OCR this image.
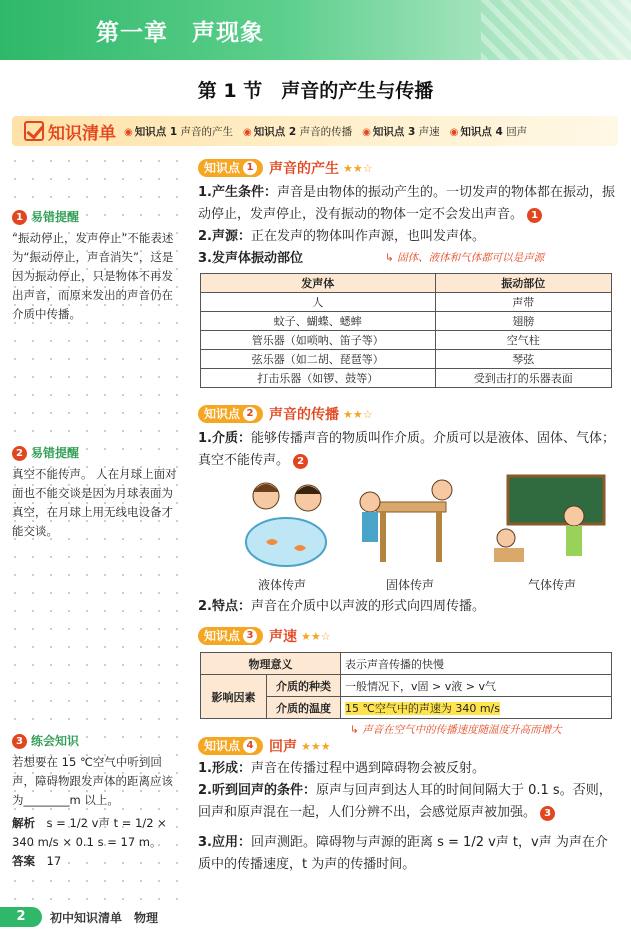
第一章　声现象
第 1 节　声音的产生与传播
知识清单 ◉ 知识点 1 声音的产生 ◉ 知识点 2 声音的传播 ◉ 知识点 3 声速 ◉ 知识点 4 回声
1 易错提醒
“振动停止，发声停止”不能表述为“振动停止，声音消失”，这是因为振动停止，只是物体不再发出声音，而原来发出的声音仍在介质中传播。
2 易错提醒
真空不能传声。 人在月球上面对面也不能交谈是因为月球表面为真空，在月球上用无线电设备才能交谈。
3 练会知识
若想要在 15 ℃空气中听到回声，障碍物跟发声体的距离应该为________m 以上。
解析　 s = 1/2 v声 t = 1/2 × 340 m/s × 0.1 s = 17 m。
答案　 17
知识点 1 声音的产生 ★★☆
1.产生条件：声音是由物体的振动产生的。一切发声的物体都在振动，振动停止，发声停止，没有振动的物体一定不会发出声音。 1
2.声源：正在发声的物体叫作声源，也叫发声体。
↳ 固体、液体和气体都可以是声源
3.发声体振动部位
发声体	振动部位
人	声带
蚊子、蝴蝶、蟋蟀	翅膀
管乐器（如唢呐、笛子等）	空气柱
弦乐器（如二胡、琵琶等）	琴弦
打击乐器（如锣、鼓等）	受到击打的乐器表面
知识点 2 声音的传播 ★★☆
1.介质：能够传播声音的物质叫作介质。介质可以是液体、固体、气体；真空不能传声。 2
液体传声	固体传声	气体传声
2.特点：声音在介质中以声波的形式向四周传播。
知识点 3 声速 ★★☆
物理意义		表示声音传播的快慢
影响因素	介质的种类	一般情况下，v固 > v液 > v气
	介质的温度	15 ℃空气中的声速为 340 m/s
↳ 声音在空气中的传播速度随温度升高而增大
知识点 4 回声 ★★★
1.形成：声音在传播过程中遇到障碍物会被反射。
2.听到回声的条件：原声与回声到达人耳的时间间隔大于 0.1 s。否则，回声和原声混在一起，人们分辨不出，会感觉原声被加强。 3
3.应用：回声测距。障碍物与声源的距离 s = 1/2 v声 t，v声 为声在介质中的传播速度，t 为声的传播时间。
2	初中知识清单　物理
